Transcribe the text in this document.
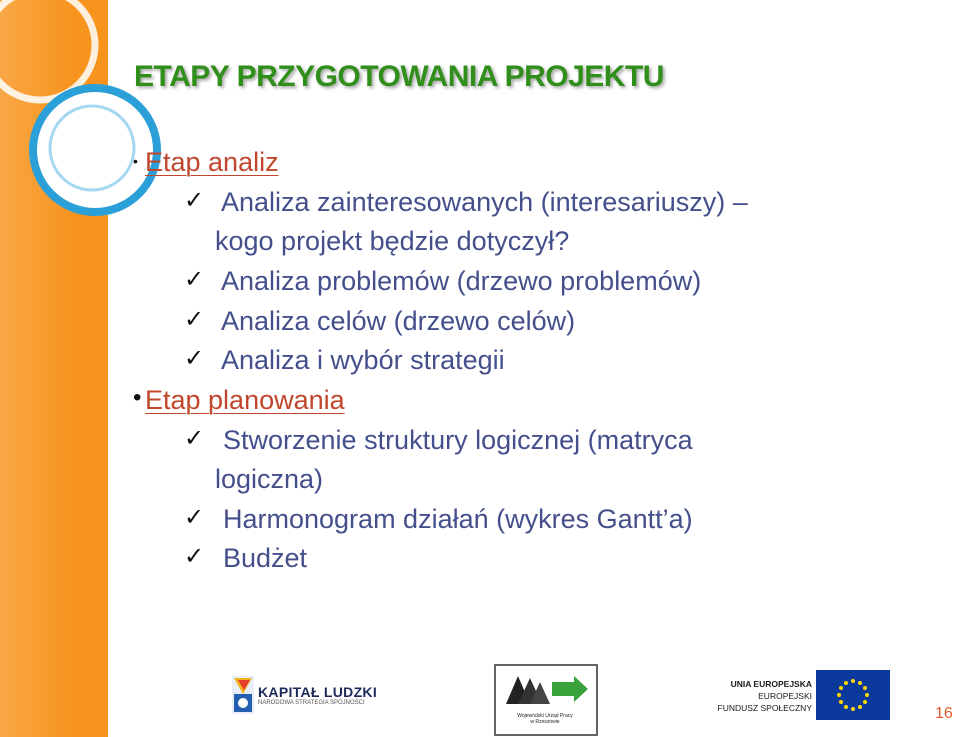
ETAPY PRZYGOTOWANIA PROJEKTU
• Etap analiz
✓ Analiza zainteresowanych (interesariuszy) –
kogo projekt będzie dotyczył?
✓ Analiza problemów (drzewo problemów)
✓ Analiza celów (drzewo celów)
✓ Analiza i wybór strategii
• Etap planowania
✓ Stworzenie struktury logicznej (matryca
logiczna)
✓ Harmonogram działań (wykres Gantt’a)
✓ Budżet
KAPITAŁ LUDZKI
NARODOWA STRATEGIA SPÓJNOŚCI
Wojewódzki Urząd Pracy
w Rzeszowie
UNIA EUROPEJSKA
EUROPEJSKI
FUNDUSZ SPOŁECZNY	16
